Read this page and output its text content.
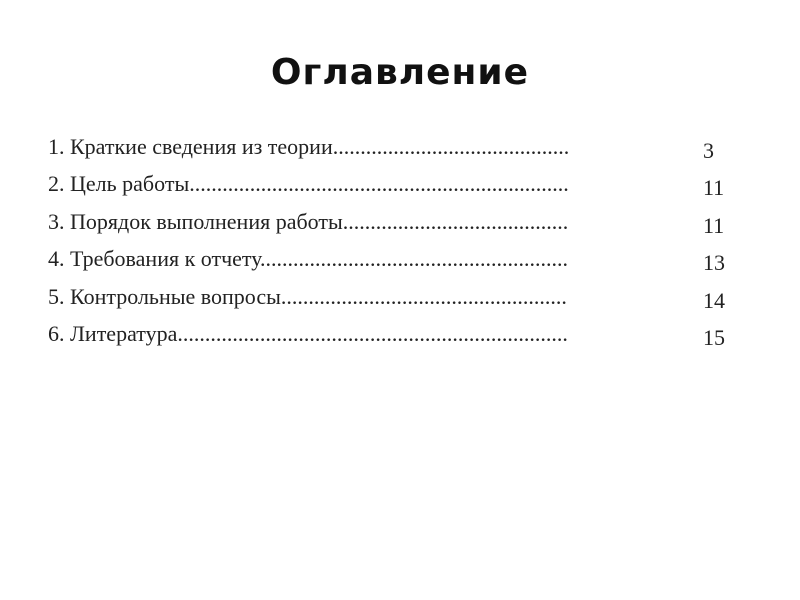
Оглавление
1. Краткие сведения из теории...........................................	3
2. Цель работы.....................................................................	11
3. Порядок выполнения работы.........................................	11
4. Требования к отчету........................................................	13
5. Контрольные вопросы....................................................	14
6. Литература.......................................................................	15
